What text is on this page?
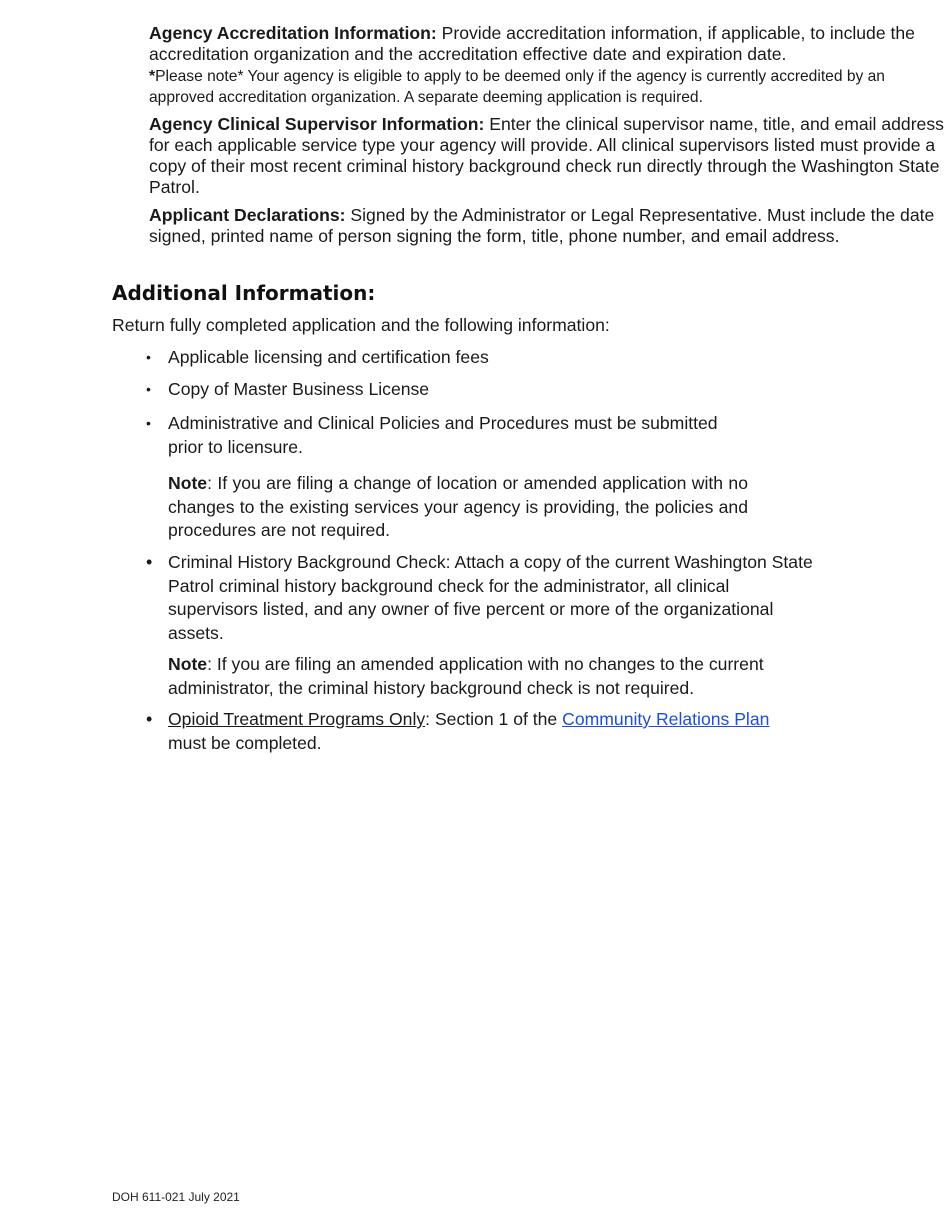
Agency Accreditation Information: Provide accreditation information, if applicable, to include the accreditation organization and the accreditation effective date and expiration date.

*Please note* Your agency is eligible to apply to be deemed only if the agency is currently accredited by an approved accreditation organization. A separate deeming application is required.

Agency Clinical Supervisor Information: Enter the clinical supervisor name, title, and email address for each applicable service type your agency will provide. All clinical supervisors listed must provide a copy of their most recent criminal history background check run directly through the Washington State Patrol.

Applicant Declarations: Signed by the Administrator or Legal Representative. Must include the date signed, printed name of person signing the form, title, phone number, and email address.

Additional Information:

Return fully completed application and the following information:

• Applicable licensing and certification fees

• Copy of Master Business License

• Administrative and Clinical Policies and Procedures must be submitted
prior to licensure.

Note: If you are filing a change of location or amended application with no changes to the existing services your agency is providing, the policies and procedures are not required.

• Criminal History Background Check: Attach a copy of the current Washington State Patrol criminal history background check for the administrator, all clinical supervisors listed, and any owner of five percent or more of the organizational assets.

Note: If you are filing an amended application with no changes to the current administrator, the criminal history background check is not required.

• Opioid Treatment Programs Only: Section 1 of the Community Relations Plan
must be completed.

DOH 611-021 July 2021
